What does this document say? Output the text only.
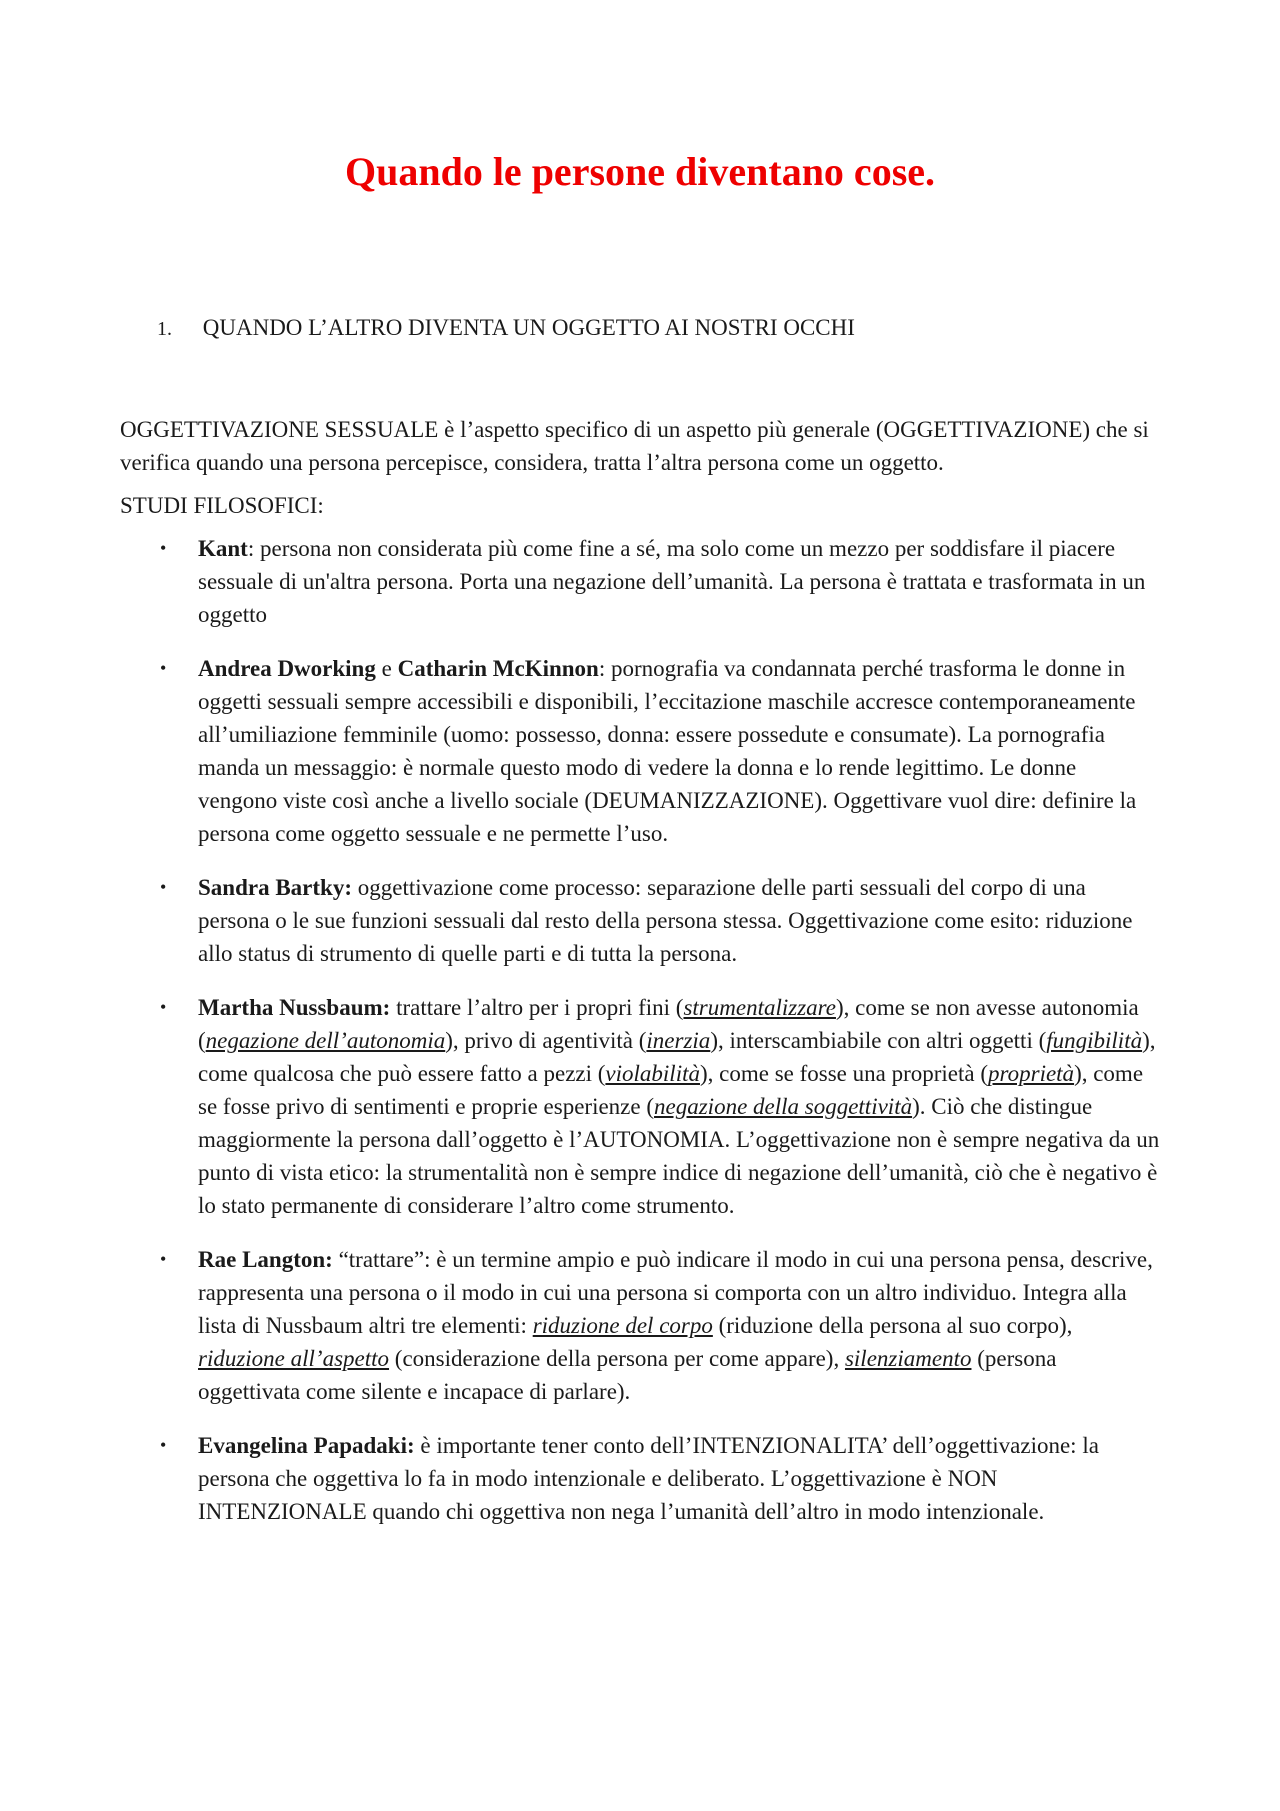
Quando le persone diventano cose.
1. QUANDO L’ALTRO DIVENTA UN OGGETTO AI NOSTRI OCCHI

OGGETTIVAZIONE SESSUALE è l’aspetto specifico di un aspetto più generale (OGGETTIVAZIONE) che si verifica quando una persona percepisce, considera, tratta l’altra persona come un oggetto.

STUDI FILOSOFICI:

• Kant: persona non considerata più come fine a sé, ma solo come un mezzo per soddisfare il piacere sessuale di un'altra persona. Porta una negazione dell’umanità. La persona è trattata e trasformata in un oggetto
• Andrea Dworking e Catharin McKinnon: pornografia va condannata perché trasforma le donne in oggetti sessuali sempre accessibili e disponibili, l’eccitazione maschile accresce contemporaneamente all’umiliazione femminile (uomo: possesso, donna: essere possedute e consumate). La pornografia manda un messaggio: è normale questo modo di vedere la donna e lo rende legittimo. Le donne vengono viste così anche a livello sociale (DEUMANIZZAZIONE). Oggettivare vuol dire: definire la persona come oggetto sessuale e ne permette l’uso.
• Sandra Bartky: oggettivazione come processo: separazione delle parti sessuali del corpo di una persona o le sue funzioni sessuali dal resto della persona stessa. Oggettivazione come esito: riduzione allo status di strumento di quelle parti e di tutta la persona.
• Martha Nussbaum: trattare l’altro per i propri fini (strumentalizzare), come se non avesse autonomia (negazione dell’autonomia), privo di agentività (inerzia), interscambiabile con altri oggetti (fungibilità), come qualcosa che può essere fatto a pezzi (violabilità), come se fosse una proprietà (proprietà), come se fosse privo di sentimenti e proprie esperienze (negazione della soggettività). Ciò che distingue maggiormente la persona dall’oggetto è l’AUTONOMIA. L’oggettivazione non è sempre negativa da un punto di vista etico: la strumentalità non è sempre indice di negazione dell’umanità, ciò che è negativo è lo stato permanente di considerare l’altro come strumento.
• Rae Langton: “trattare”: è un termine ampio e può indicare il modo in cui una persona pensa, descrive, rappresenta una persona o il modo in cui una persona si comporta con un altro individuo. Integra alla lista di Nussbaum altri tre elementi: riduzione del corpo (riduzione della persona al suo corpo), riduzione all’aspetto (considerazione della persona per come appare), silenziamento (persona oggettivata come silente e incapace di parlare).
• Evangelina Papadaki: è importante tener conto dell’INTENZIONALITA’ dell’oggettivazione: la persona che oggettiva lo fa in modo intenzionale e deliberato. L’oggettivazione è NON INTENZIONALE quando chi oggettiva non nega l’umanità dell’altro in modo intenzionale.
